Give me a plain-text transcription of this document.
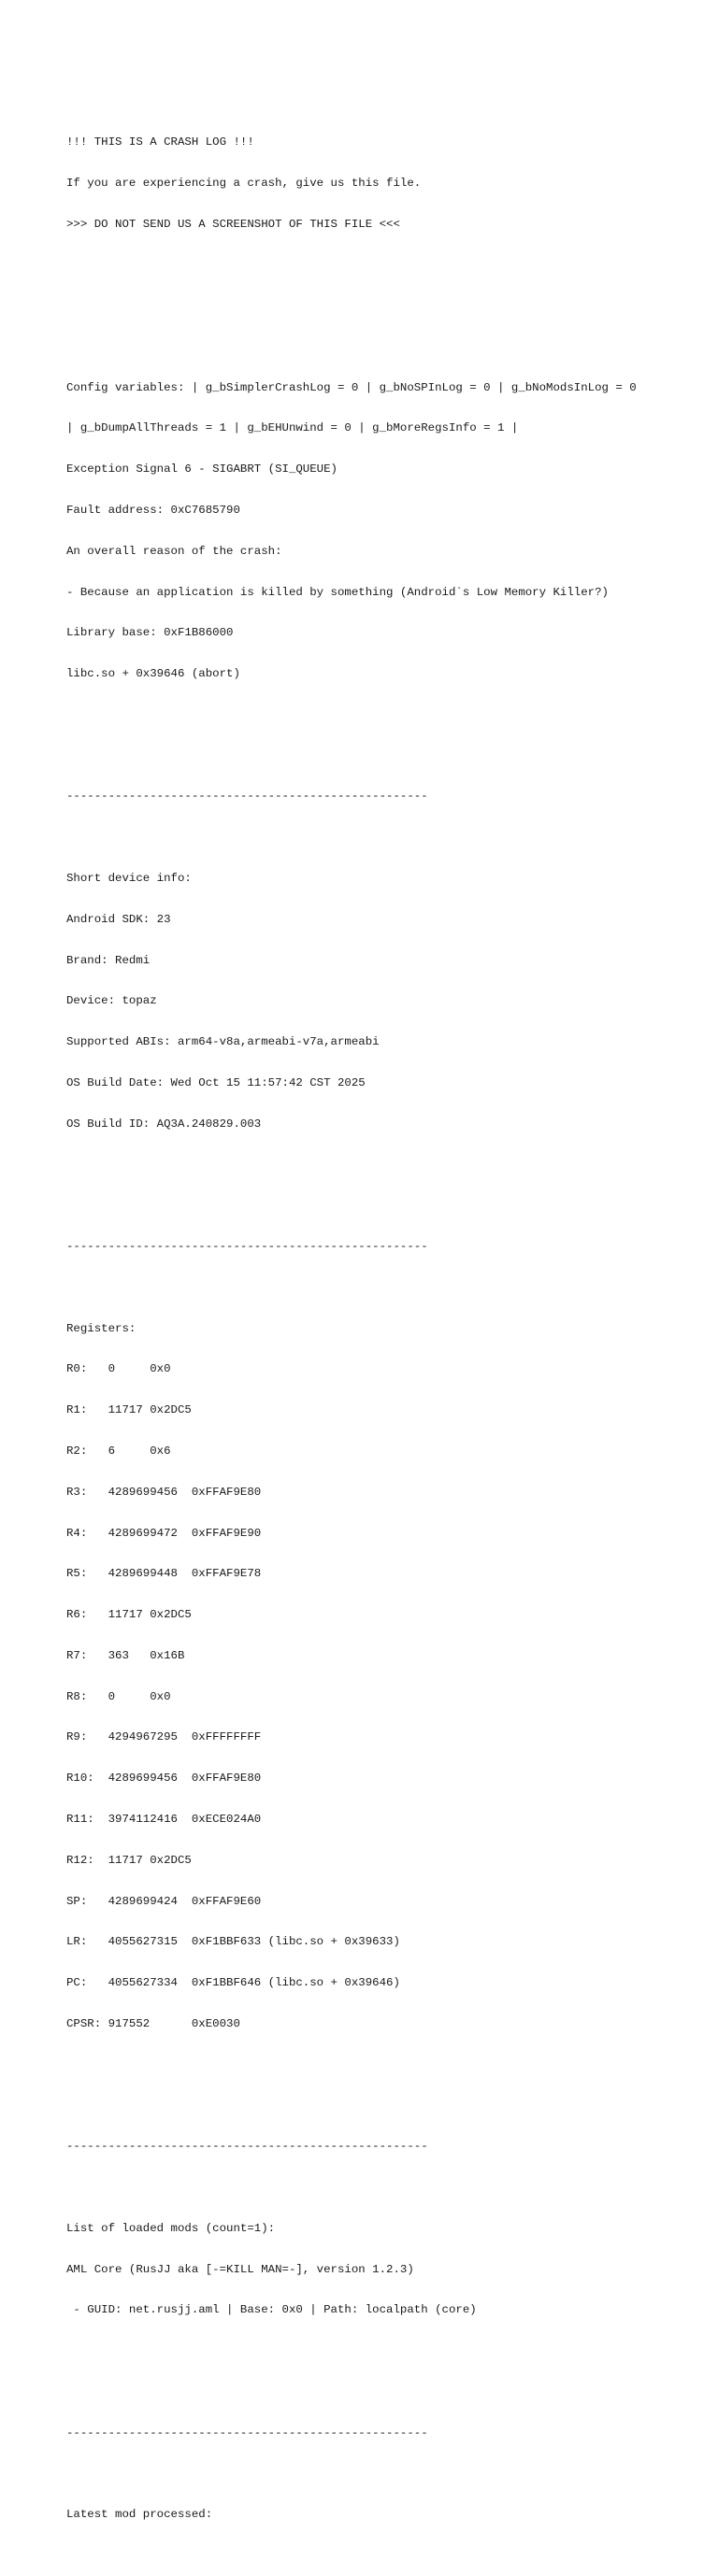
!!! THIS IS A CRASH LOG !!!

If you are experiencing a crash, give us this file.

>>> DO NOT SEND US A SCREENSHOT OF THIS FILE <<<

Config variables: | g_bSimplerCrashLog = 0 | g_bNoSPInLog = 0 | g_bNoModsInLog = 0

| g_bDumpAllThreads = 1 | g_bEHUnwind = 0 | g_bMoreRegsInfo = 1 |

Exception Signal 6 - SIGABRT (SI_QUEUE)

Fault address: 0xC7685790

An overall reason of the crash:

- Because an application is killed by something (Android`s Low Memory Killer?)

Library base: 0xF1B86000

libc.so + 0x39646 (abort)

----------------------------------------------------

Short device info:

Android SDK: 23

Brand: Redmi

Device: topaz

Supported ABIs: arm64-v8a,armeabi-v7a,armeabi

OS Build Date: Wed Oct 15 11:57:42 CST 2025

OS Build ID: AQ3A.240829.003

----------------------------------------------------

Registers:

R0:   0     0x0

R1:   11717 0x2DC5

R2:   6     0x6

R3:   4289699456  0xFFAF9E80

R4:   4289699472  0xFFAF9E90

R5:   4289699448  0xFFAF9E78

R6:   11717 0x2DC5

R7:   363   0x16B

R8:   0     0x0

R9:   4294967295  0xFFFFFFFF

R10:  4289699456  0xFFAF9E80

R11:  3974112416  0xECE024A0

R12:  11717 0x2DC5

SP:   4289699424  0xFFAF9E60

LR:   4055627315  0xF1BBF633 (libc.so + 0x39633)

PC:   4055627334  0xF1BBF646 (libc.so + 0x39646)

CPSR: 917552      0xE0030

----------------------------------------------------

List of loaded mods (count=1):

AML Core (RusJJ aka [-=KILL MAN=-], version 1.2.3)

- GUID: net.rusjj.aml | Base: 0x0 | Path: localpath (core)

----------------------------------------------------

Latest mod processed:
